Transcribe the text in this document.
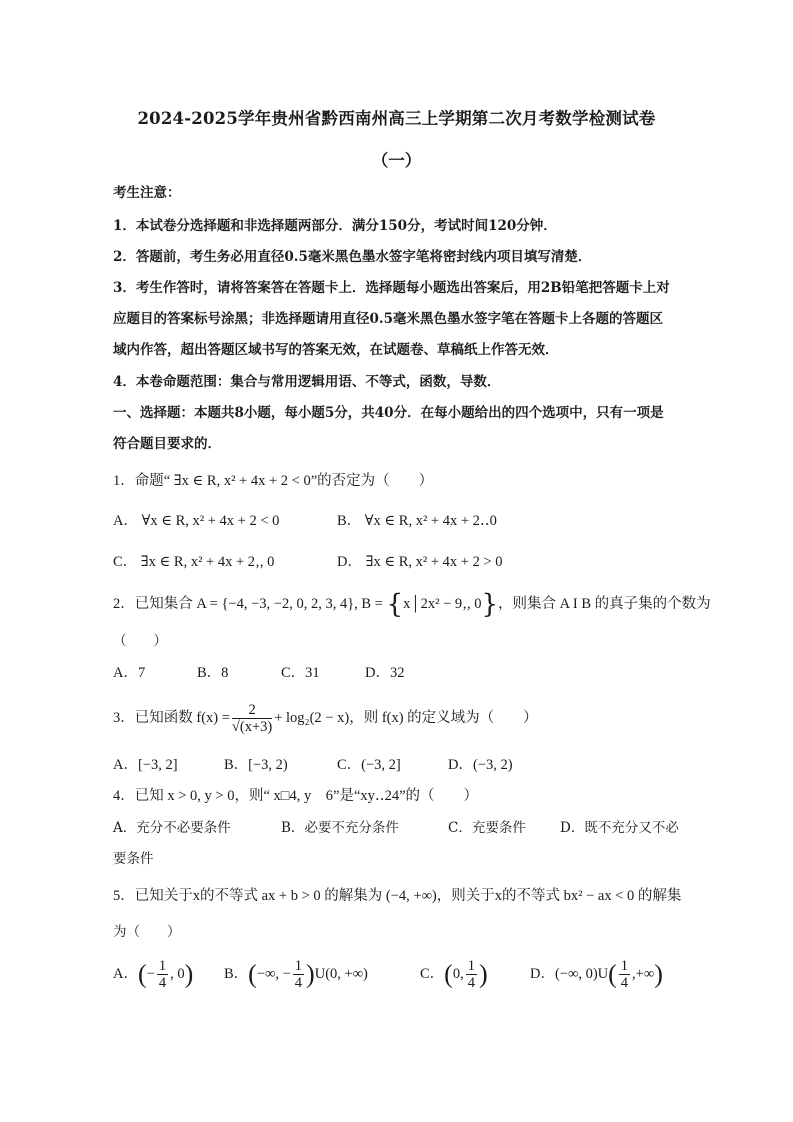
2024-2025学年贵州省黔西南州高三上学期第二次月考数学检测试卷
（一）
考生注意：
1．本试卷分选择题和非选择题两部分．满分150分，考试时间120分钟．
2．答题前，考生务必用直径0.5毫米黑色墨水签字笔将密封线内项目填写清楚．
3．考生作答时，请将答案答在答题卡上．选择题每小题选出答案后，用2B铅笔把答题卡上对
应题目的答案标号涂黑；非选择题请用直径0.5毫米黑色墨水签字笔在答题卡上各题的答题区
域内作答，超出答题区域书写的答案无效，在试题卷、草稿纸上作答无效．
4．本卷命题范围：集合与常用逻辑用语、不等式，函数，导数．
一、选择题：本题共8小题，每小题5分，共40分．在每小题给出的四个选项中，只有一项是
符合题目要求的．
1．命题“ ∃x ∈ R, x² + 4x + 2 < 0”的否定为（　　）
A． ∀x ∈ R, x² + 4x + 2 < 0	B． ∀x ∈ R, x² + 4x + 2‥0
C． ∃x ∈ R, x² + 4x + 2‚, 0	D． ∃x ∈ R, x² + 4x + 2 > 0
2．已知集合 A = {−4, −3, −2, 0, 2, 3, 4}, B = {x│2x² − 9‚, 0}，则集合 A I B 的真子集的个数为
（　　）
A．7	B．8	C．31	D．32
3．已知函数 $f(x) = \frac{2}{√(x+3)} + \log_2(2 - x)$，则 f(x) 的定义域为（　　）
A．[−3, 2]	B．[−3, 2)	C．(−3, 2]	D．(−3, 2)
4．已知 x > 0, y > 0，则“ x□4, y　6”是“xy‥24”的（　　）
A．充分不必要条件	B．必要不充分条件	C．充要条件	D．既不充分又不必
要条件
5．已知关于x的不等式 ax + b > 0 的解集为 (−4, +∞)，则关于x的不等式 bx² − ax < 0 的解集
为（　　）
A．(− $\frac{1}{4}$ , 0) B．(−∞, − $\frac{1}{4} )U(0$, +∞)	C．(0, $\frac{1}{4}$ )	D．(−∞, $0)U( \frac{1}{4}$ ,+∞)
